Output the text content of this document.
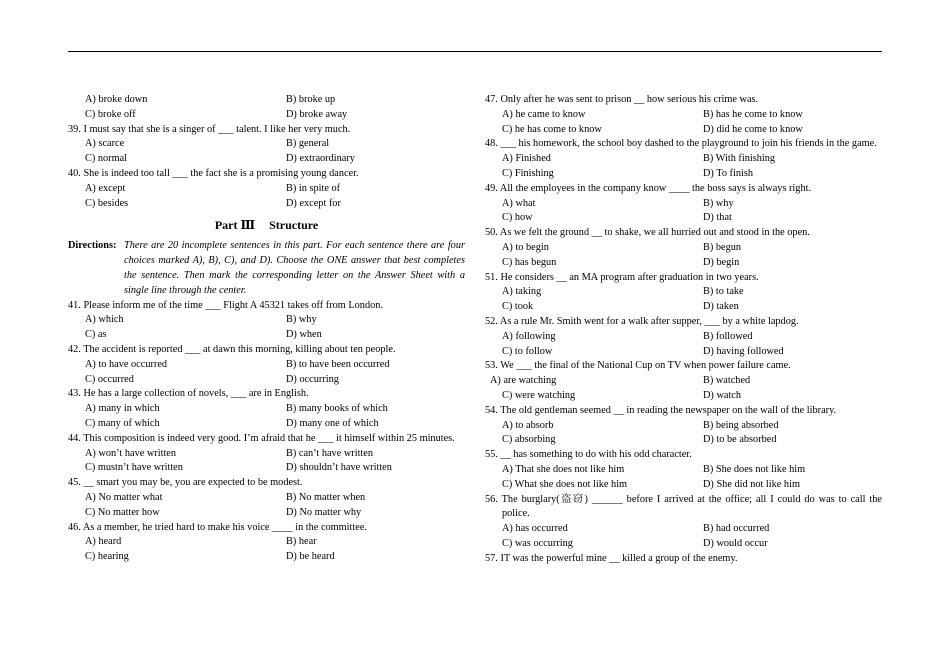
A) broke down	B) broke up
C) broke off	D) broke away
39. I must say that she is a singer of ___ talent. I like her very much.
A) scarce	B) general
C) normal	D) extraordinary
40. She is indeed too tall ___ the fact she is a promising young dancer.
A) except	B) in spite of
C) besides	D) except for
Part Ⅲ Structure
Directions: There are 20 incomplete sentences in this part. For each sentence there are four choices marked A), B), C), and D). Choose the ONE answer that best completes the sentence. Then mark the corresponding letter on the Answer Sheet with a single line through the center.
41. Please inform me of the time ___ Flight A 45321 takes off from London.
A) which	B) why
C) as	D) when
42. The accident is reported ___ at dawn this morning, killing about ten people.
A) to have occurred	B) to have been occurred
C) occurred	D) occurring
43. He has a large collection of novels, ___ are in English.
A) many in which	B) many books of which
C) many of which	D) many one of which
44. This composition is indeed very good. I’m afraid that he ___ it himself within 25 minutes.
A) won’t have written	B) can’t have written
C) mustn’t have written	D) shouldn’t have written
45. __ smart you may be, you are expected to be modest.
A) No matter what	B) No matter when
C) No matter how	D) No matter why
46. As a member, he tried hard to make his voice ____ in the committee.
A) heard	B) hear
C) hearing	D) be heard
47. Only after he was sent to prison __ how serious his crime was.
A) he came to know	B) has he come to know
C) he has come to know	D) did he come to know
48. ___ his homework, the school boy dashed to the playground to join his friends in the game.
A) Finished	B) With finishing
C) Finishing	D) To finish
49. All the employees in the company know ____ the boss says is always right.
A) what	B) why
C) how	D) that
50. As we felt the ground __ to shake, we all hurried out and stood in the open.
A) to begin	B) begun
C) has begun	D) begin
51. He considers __ an MA program after graduation in two years.
A) taking	B) to take
C) took	D) taken
52. As a rule Mr. Smith went for a walk after supper, ___ by a white lapdog.
A) following	B) followed
C) to follow	D) having followed
53. We ___ the final of the National Cup on TV when power failure came.
A) are watching	B) watched
C) were watching	D) watch
54. The old gentleman seemed __ in reading the newspaper on the wall of the library.
A) to absorb	B) being absorbed
C) absorbing	D) to be absorbed
55. __ has something to do with his odd character.
A) That she does not like him	B) She does not like him
C) What she does not like him	D) She did not like him
56. The burglary(盗窃) ______ before I arrived at the office; all I could do was to call the police.
A) has occurred	B) had occurred
C) was occurring	D) would occur
57. IT was the powerful mine __ killed a group of the enemy.
